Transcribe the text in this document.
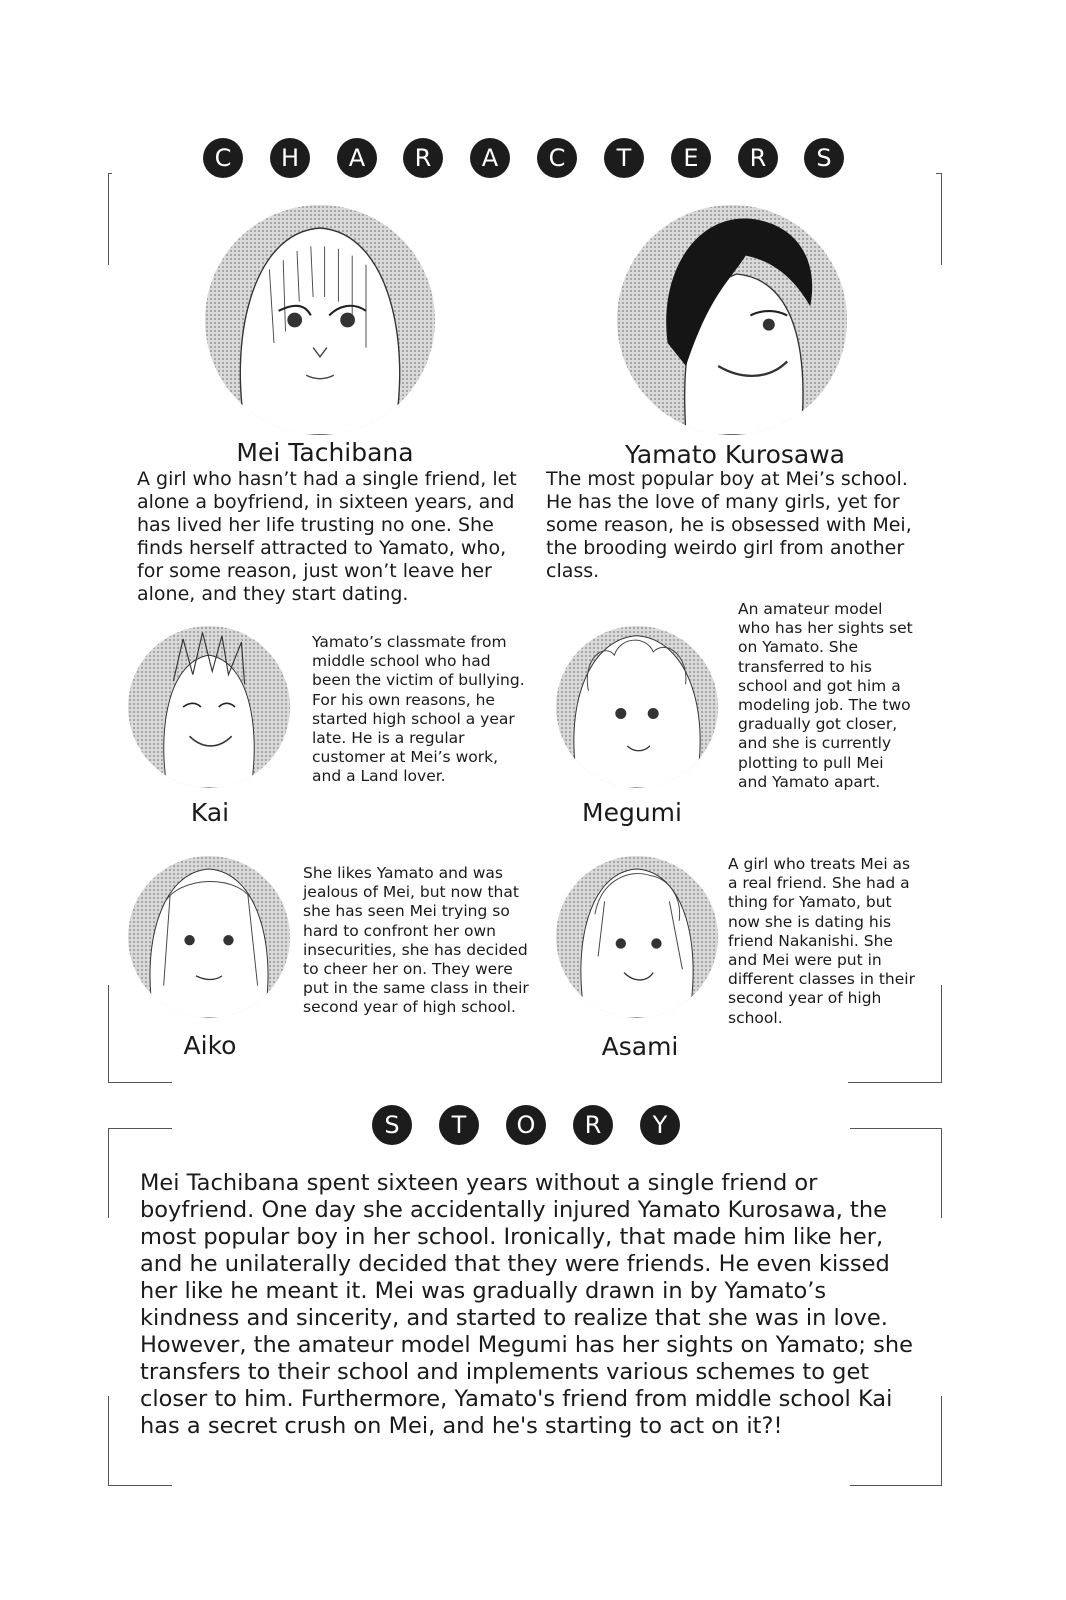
C	H	A	R	A	C	T	E	R	S
Mei Tachibana
A girl who hasn’t had a single friend, let alone a boyfriend, in sixteen years, and has lived her life trusting no one. She finds herself attracted to Yamato, who, for some reason, just won’t leave her alone, and they start dating.
Yamato Kurosawa
The most popular boy at Mei’s school. He has the love of many girls, yet for some reason, he is obsessed with Mei, the brooding weirdo girl from another class.
Kai
Yamato’s classmate from middle school who had been the victim of bullying. For his own reasons, he started high school a year late. He is a regular customer at Mei’s work, and a Land lover.
Megumi
An amateur model who has her sights set on Yamato. She transferred to his school and got him a modeling job. The two gradually got closer, and she is currently plotting to pull Mei and Yamato apart.
Aiko
She likes Yamato and was jealous of Mei, but now that she has seen Mei trying so hard to confront her own insecurities, she has decided to cheer her on. They were put in the same class in their second year of high school.
Asami
A girl who treats Mei as a real friend. She had a thing for Yamato, but now she is dating his friend Nakanishi. She and Mei were put in different classes in their second year of high school.
S	T	O	R	Y
Mei Tachibana spent sixteen years without a single friend or boyfriend. One day she accidentally injured Yamato Kurosawa, the most popular boy in her school. Ironically, that made him like her, and he unilaterally decided that they were friends. He even kissed her like he meant it. Mei was gradually drawn in by Yamato’s kindness and sincerity, and started to realize that she was in love. However, the amateur model Megumi has her sights on Yamato; she transfers to their school and implements various schemes to get closer to him. Furthermore, Yamato's friend from middle school Kai has a secret crush on Mei, and he's starting to act on it?!
